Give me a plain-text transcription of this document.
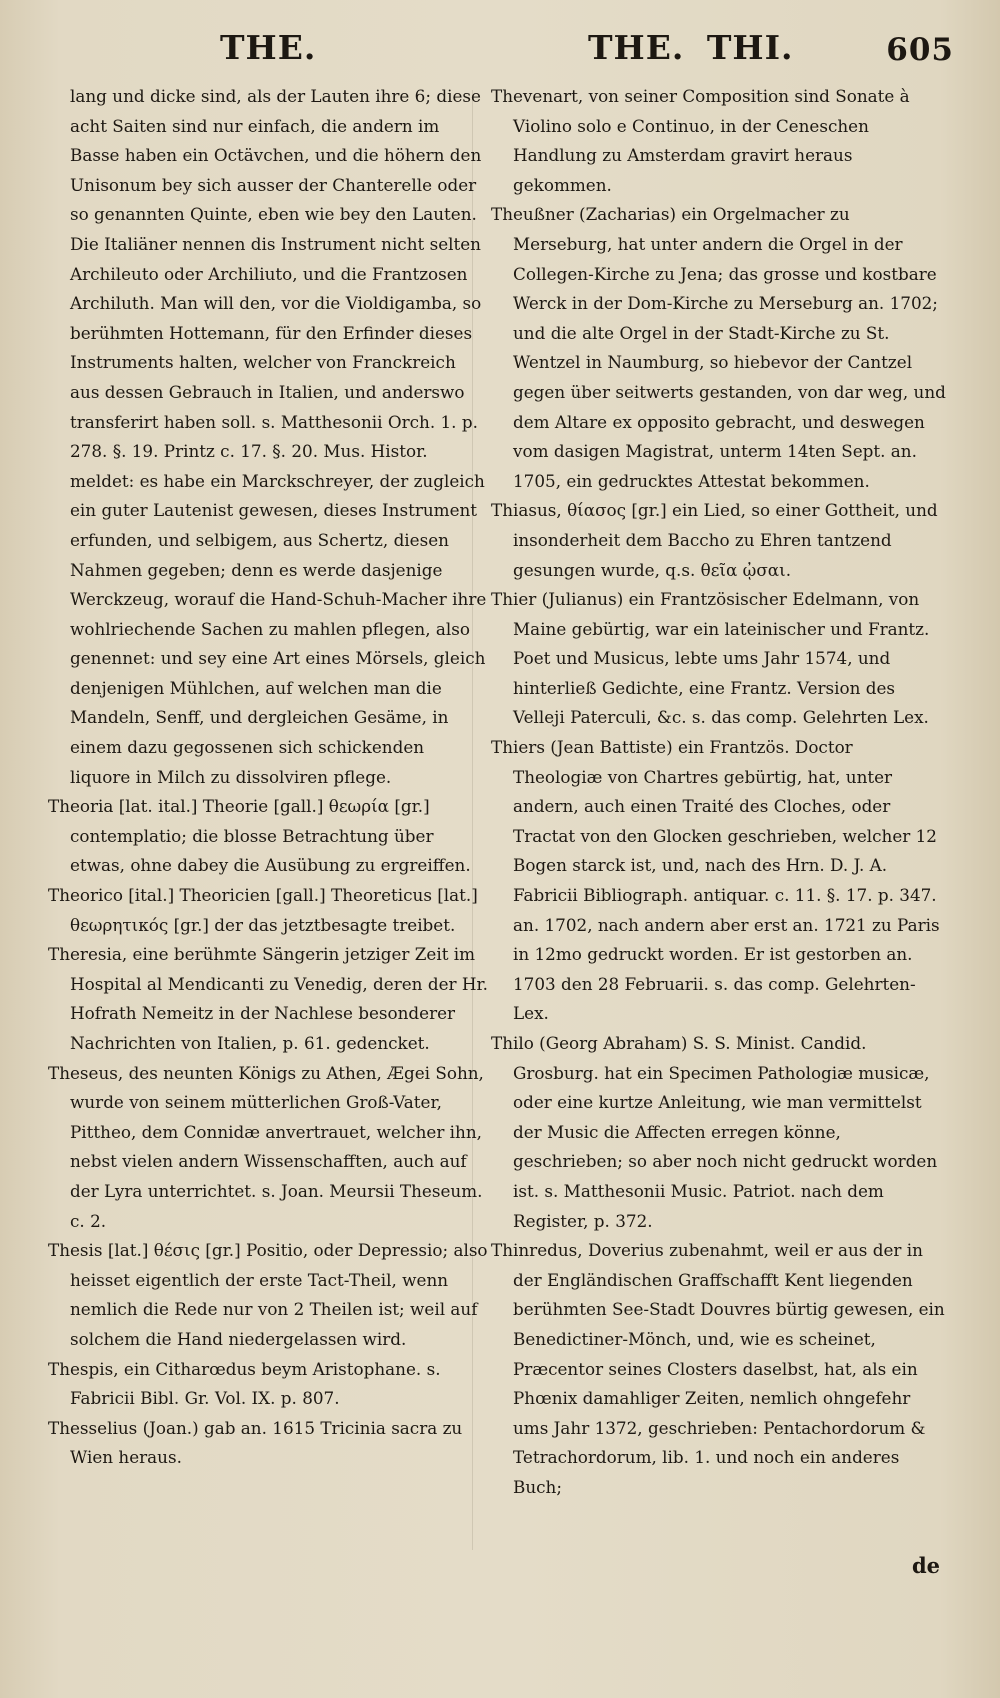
THE.	THE. THI.	605

lang und dicke sind, als der Lauten ihre 6; diese acht Saiten sind nur einfach, die andern im Basse haben ein Octävchen, und die höhern den Unisonum bey sich ausser der Chanterelle oder so genannten Quinte, eben wie bey den Lauten. Die Italiäner nennen dis Instrument nicht selten Archileuto oder Archiliuto, und die Frantzosen Archiluth. Man will den, vor die Violdigamba, so berühmten Hottemann, für den Erfinder dieses Instruments halten, welcher von Franckreich aus dessen Gebrauch in Italien, und anderswo transferirt haben soll. s. Matthesonii Orch. 1. p. 278. §. 19. Printz c. 17. §. 20. Mus. Histor. meldet: es habe ein Marckschreyer, der zugleich ein guter Lautenist gewesen, dieses Instrument erfunden, und selbigem, aus Schertz, diesen Nahmen gegeben; denn es werde dasjenige Werckzeug, worauf die Hand-Schuh-Macher ihre wohlriechende Sachen zu mahlen pflegen, also genennet: und sey eine Art eines Mörsels, gleich denjenigen Mühlchen, auf welchen man die Mandeln, Senff, und dergleichen Gesäme, in einem dazu gegossenen sich schickenden liquore in Milch zu dissolviren pflege.

Theoria [lat. ital.] Theorie [gall.] θεωρία [gr.] contemplatio; die blosse Betrachtung über etwas, ohne dabey die Ausübung zu ergreiffen.

Theorico [ital.] Theoricien [gall.] Theoreticus [lat.] θεωρητικός [gr.] der das jetztbesagte treibet.

Theresia, eine berühmte Sängerin jetziger Zeit im Hospital al Mendicanti zu Venedig, deren der Hr. Hofrath Nemeitz in der Nachlese besonderer Nachrichten von Italien, p. 61. gedencket.

Theseus, des neunten Königs zu Athen, Ægei Sohn, wurde von seinem mütterlichen Groß-Vater, Pittheo, dem Connidæ anvertrauet, welcher ihn, nebst vielen andern Wissenschafften, auch auf der Lyra unterrichtet. s. Joan. Meursii Theseum. c. 2.

Thesis [lat.] θέσις [gr.] Positio, oder Depressio; also heisset eigentlich der erste Tact-Theil, wenn nemlich die Rede nur von 2 Theilen ist; weil auf solchem die Hand niedergelassen wird.

Thespis, ein Citharœdus beym Aristophane. s. Fabricii Bibl. Gr. Vol. IX. p. 807.

Thesselius (Joan.) gab an. 1615 Tricinia sacra zu Wien heraus.

Thevenart, von seiner Composition sind Sonate à Violino solo e Continuo, in der Ceneschen Handlung zu Amsterdam gravirt heraus gekommen.

Theußner (Zacharias) ein Orgelmacher zu Merseburg, hat unter andern die Orgel in der Collegen-Kirche zu Jena; das grosse und kostbare Werck in der Dom-Kirche zu Merseburg an. 1702; und die alte Orgel in der Stadt-Kirche zu St. Wentzel in Naumburg, so hiebevor der Cantzel gegen über seitwerts gestanden, von dar weg, und dem Altare ex opposito gebracht, und deswegen vom dasigen Magistrat, unterm 14ten Sept. an. 1705, ein gedrucktes Attestat bekommen.

Thiasus, θίασος [gr.] ein Lied, so einer Gottheit, und insonderheit dem Baccho zu Ehren tantzend gesungen wurde, q.s. θεῖα ᾠσαι.

Thier (Julianus) ein Frantzösischer Edelmann, von Maine gebürtig, war ein lateinischer und Frantz. Poet und Musicus, lebte ums Jahr 1574, und hinterließ Gedichte, eine Frantz. Version des Velleji Paterculi, &c. s. das comp. Gelehrten Lex.

Thiers (Jean Battiste) ein Frantzös. Doctor Theologiæ von Chartres gebürtig, hat, unter andern, auch einen Traité des Cloches, oder Tractat von den Glocken geschrieben, welcher 12 Bogen starck ist, und, nach des Hrn. D. J. A. Fabricii Bibliograph. antiquar. c. 11. §. 17. p. 347. an. 1702, nach andern aber erst an. 1721 zu Paris in 12mo gedruckt worden. Er ist gestorben an. 1703 den 28 Februarii. s. das comp. Gelehrten-Lex.

Thilo (Georg Abraham) S. S. Minist. Candid. Grosburg. hat ein Specimen Pathologiæ musicæ, oder eine kurtze Anleitung, wie man vermittelst der Music die Affecten erregen könne, geschrieben; so aber noch nicht gedruckt worden ist. s. Matthesonii Music. Patriot. nach dem Register, p. 372.

Thinredus, Doverius zubenahmt, weil er aus der in der Engländischen Graffschafft Kent liegenden berühmten See-Stadt Douvres bürtig gewesen, ein Benedictiner-Mönch, und, wie es scheinet, Præcentor seines Closters daselbst, hat, als ein Phœnix damahliger Zeiten, nemlich ohngefehr ums Jahr 1372, geschrieben: Pentachordorum & Tetrachordorum, lib. 1. und noch ein anderes Buch;

de
